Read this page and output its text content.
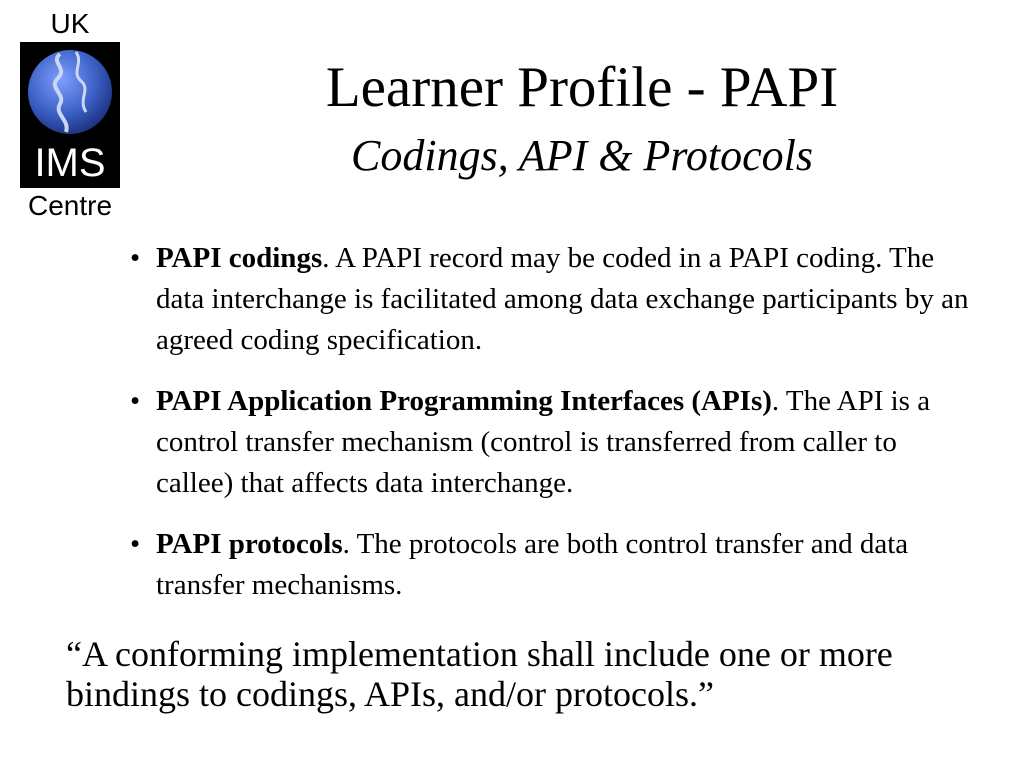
UK
IMS
Centre
Learner Profile - PAPI
Codings, API & Protocols
• PAPI codings. A PAPI record may be coded in a PAPI coding. The data interchange is facilitated among data exchange participants by an agreed coding specification.
• PAPI Application Programming Interfaces (APIs). The API is a control transfer mechanism (control is transferred from caller to callee) that affects data interchange.
• PAPI protocols. The protocols are both control transfer and data transfer mechanisms.
“A conforming implementation shall include one or more bindings to codings, APIs, and/or protocols.”
